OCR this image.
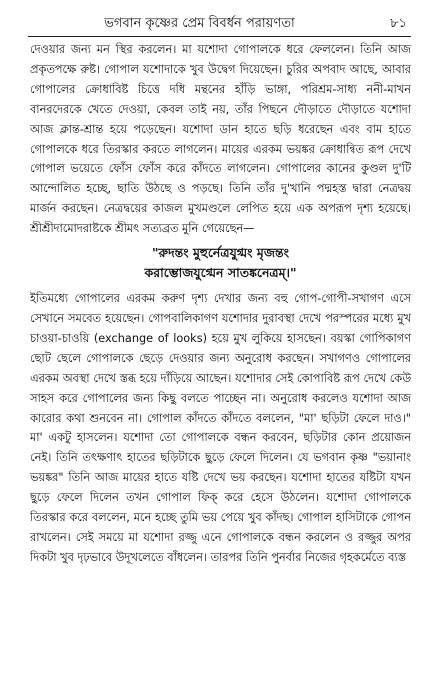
ভগবান কৃষ্ণের প্রেম বিবর্ধন পরায়ণতা	৮১

দেওয়ার জন্য মন স্থির করলেন। মা যশোদা গোপালকে ধরে ফেললেন। তিনি আজ প্রকৃতপক্ষে রুষ্ট। গোপাল যশোদাকে খুব উদ্বেগ দিয়েছেন। চুরির অপবাদ আছে, আবার গোপালের ক্রোধাবিষ্ট চিত্তে দধি মন্থনের হাঁড়ি ভাঙ্গা, পরিশ্রম-সাধ্য ননী-মাখন বানরদেরকে খেতে দেওয়া, কেবল তাই নয়, তাঁর পিছনে দৌড়াতে দৌড়াতে যশোদা আজ ক্লান্ত-শ্রান্ত হয়ে পড়েছেন। যশোদা ডান হাতে ছড়ি ধরেছেন এবং বাম হাতে গোপালকে ধরে তিরস্কার করতে লাগলেন। মায়ের এরকম ভয়ঙ্কর ক্রোধান্বিত রূপ দেখে গোপাল ভয়েতে ফোঁস ফোঁস করে কাঁদতে লাগলেন। গোপালের কানের কুণ্ডল দু'টি আন্দোলিত হচ্ছে, ছাতি উঠছে ও পড়ছে। তিনি তাঁর দু'খানি পদ্মহস্ত দ্বারা নেত্রদ্বয় মার্জন করছেন। নেত্রদ্বয়ের কাজল মুখমণ্ডলে লেপিত হয়ে এক অপরূপ দৃশ্য হয়েছে। শ্রীশ্রীদামোদরাষ্টকে শ্রীমৎ সত্যব্রত মুনি গেয়েছেন—

"রুদন্তং মুহুর্নেত্রযুগ্মং মৃজন্তং
করাম্ভোজযুগ্মেন সাতঙ্কনেত্রম্।"

ইতিমধ্যে গোপালের এরকম করুণ দৃশ্য দেখার জন্য বহু গোপ-গোপী-সখাগণ এসে সেখানে সমবেত হয়েছেন। গোপবালিকাগণ যশোদার দুরাবস্থা দেখে পরস্পরের মধ্যে মুখ চাওয়া-চাওয়ি (exchange of looks) হয়ে মুখ লুকিয়ে হাসছেন। বয়স্কা গোপিকাগণ ছোট ছেলে গোপালকে ছেড়ে দেওয়ার জন্য অনুরোধ করছেন। সখাগণও গোপালের এরকম অবস্থা দেখে স্তব্ধ হয়ে দাঁড়িয়ে আছেন। যশোদার সেই কোপাবিষ্ট রূপ দেখে কেউ সাহস করে গোপালের জন্য কিছু বলতে পাচ্ছেন না। অনুরোধ করলেও যশোদা আজ কারোর কথা শুনবেন না। গোপাল কাঁদতে কাঁদতে বললেন, "মা' ছড়িটা ফেলে দাও।" মা' একটু হাসলেন। যশোদা তো গোপালকে বন্ধন করবেন, ছড়িটার কোন প্রয়োজন নেই। তিনি তৎক্ষণাৎ হাতের ছড়িটাকে ছুড়ে ফেলে দিলেন। যে ভগবান কৃষ্ণ "ভয়ানাং ভয়ঙ্কর" তিনি আজ মায়ের হাতে যষ্টি দেখে ভয় করছেন। যশোদা হাতের যষ্টিটা যখন ছুড়ে ফেলে দিলেন তখন গোপাল ফিক্ করে হেসে উঠলেন। যশোদা গোপালকে তিরস্কার করে বললেন, মনে হচ্ছে তুমি ভয় পেয়ে খুব কাঁদছ। গোপাল হাসিটাকে গোপন রাখলেন। সেই সময়ে মা যশোদা রজ্জু এনে গোপালকে বন্ধন করলেন ও রজ্জুর অপর দিকটা খুব দৃঢ়ভাবে উদূখলেতে বাঁধলেন। তারপর তিনি পুনর্বার নিজের গৃহকর্মেতে ব্যস্ত
